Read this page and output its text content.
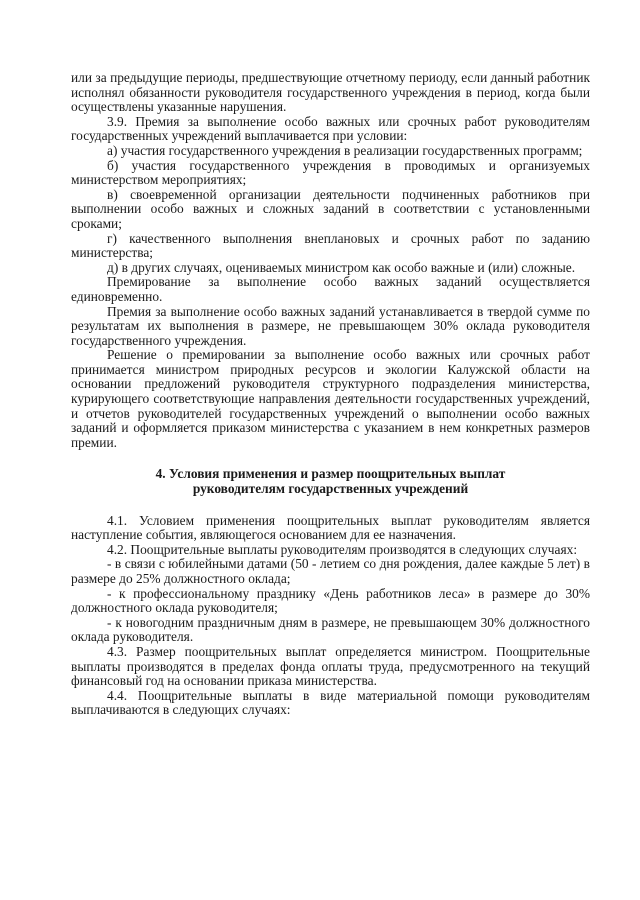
или за предыдущие периоды, предшествующие отчетному периоду, если данный работник исполнял обязанности руководителя государственного учреждения в период, когда были осуществлены указанные нарушения.

3.9. Премия за выполнение особо важных или срочных работ руководителям государственных учреждений выплачивается при условии:

а) участия государственного учреждения в реализации государственных программ;

б) участия государственного учреждения в проводимых и организуемых министерством мероприятиях;

в) своевременной организации деятельности подчиненных работников при выполнении особо важных и сложных заданий в соответствии с установленными сроками;

г) качественного выполнения внеплановых и срочных работ по заданию министерства;

д) в других случаях, оцениваемых министром как особо важные и (или) сложные.

Премирование за выполнение особо важных заданий осуществляется единовременно.

Премия за выполнение особо важных заданий устанавливается в твердой сумме по результатам их выполнения в размере, не превышающем 30% оклада руководителя государственного учреждения.

Решение о премировании за выполнение особо важных или срочных работ принимается министром природных ресурсов и экологии Калужской области на основании предложений руководителя структурного подразделения министерства, курирующего соответствующие направления деятельности государственных учреждений, и отчетов руководителей государственных учреждений о выполнении особо важных заданий и оформляется приказом министерства с указанием в нем конкретных размеров премии.

4. Условия применения и размер поощрительных выплат
руководителям государственных учреждений

4.1. Условием применения поощрительных выплат руководителям является наступление события, являющегося основанием для ее назначения.

4.2. Поощрительные выплаты руководителям производятся в следующих случаях:

- в связи с юбилейными датами (50 - летием со дня рождения, далее каждые 5 лет) в размере до 25% должностного оклада;

- к профессиональному празднику «День работников леса» в размере до 30% должностного оклада руководителя;

- к новогодним праздничным дням в размере, не превышающем 30% должностного оклада руководителя.

4.3. Размер поощрительных выплат определяется министром. Поощрительные выплаты производятся в пределах фонда оплаты труда, предусмотренного на текущий финансовый год на основании приказа министерства.

4.4. Поощрительные выплаты в виде материальной помощи руководителям выплачиваются в следующих случаях:
